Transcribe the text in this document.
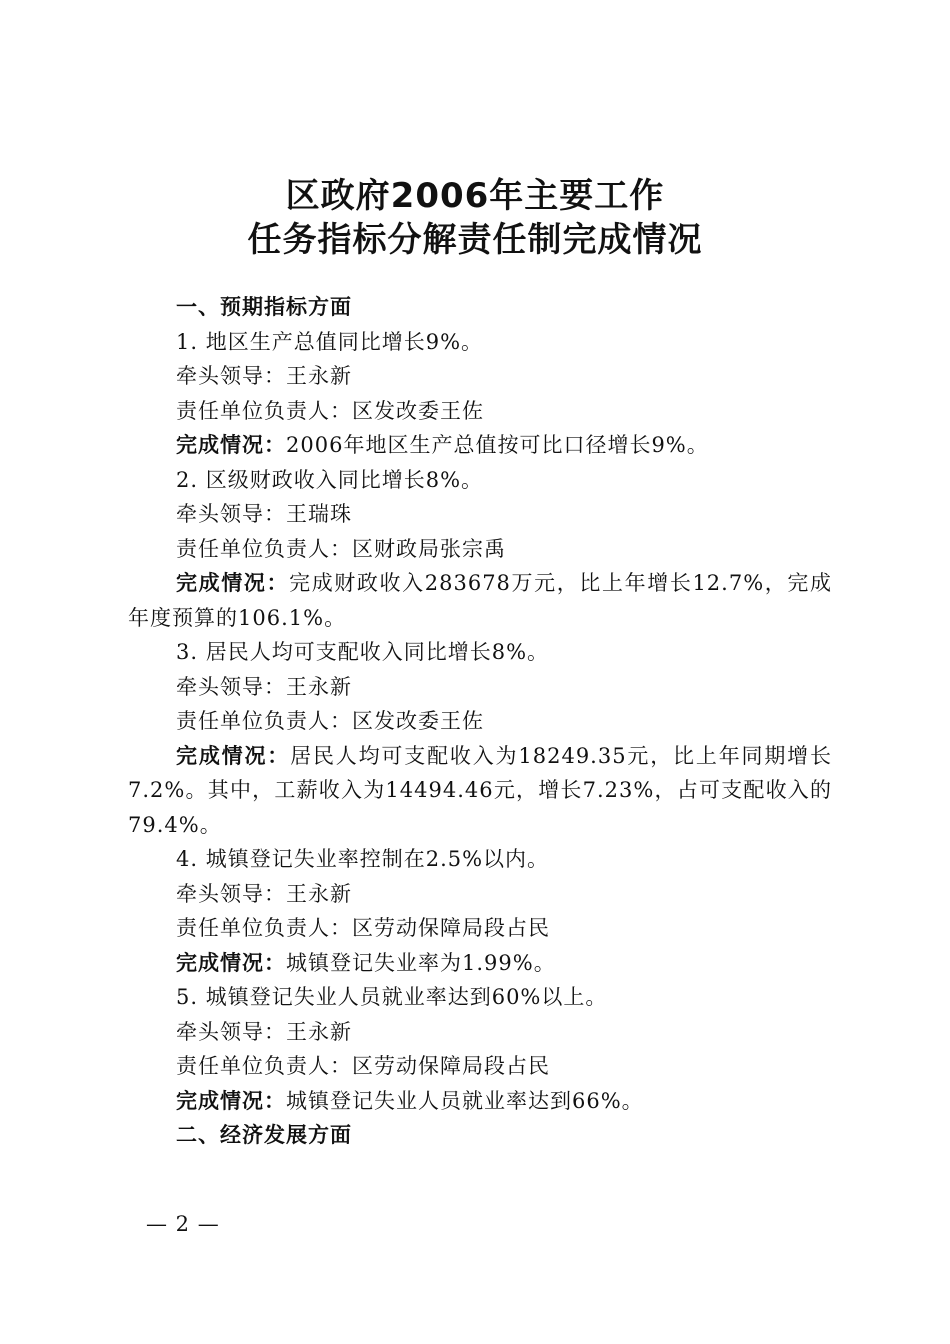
区政府2006年主要工作
任务指标分解责任制完成情况
一、预期指标方面
1. 地区生产总值同比增长9%。
牵头领导：王永新
责任单位负责人：区发改委王佐
完成情况：2006年地区生产总值按可比口径增长9%。
2. 区级财政收入同比增长8%。
牵头领导：王瑞珠
责任单位负责人：区财政局张宗禹
完成情况：完成财政收入283678万元，比上年增长12.7%，完成
年度预算的106.1%。
3. 居民人均可支配收入同比增长8%。
牵头领导：王永新
责任单位负责人：区发改委王佐
完成情况：居民人均可支配收入为18249.35元，比上年同期增长
7.2%。其中，工薪收入为14494.46元，增长7.23%，占可支配收入的
79.4%。
4. 城镇登记失业率控制在2.5%以内。
牵头领导：王永新
责任单位负责人：区劳动保障局段占民
完成情况：城镇登记失业率为1.99%。
5. 城镇登记失业人员就业率达到60%以上。
牵头领导：王永新
责任单位负责人：区劳动保障局段占民
完成情况：城镇登记失业人员就业率达到66%。
二、经济发展方面
— 2 —
